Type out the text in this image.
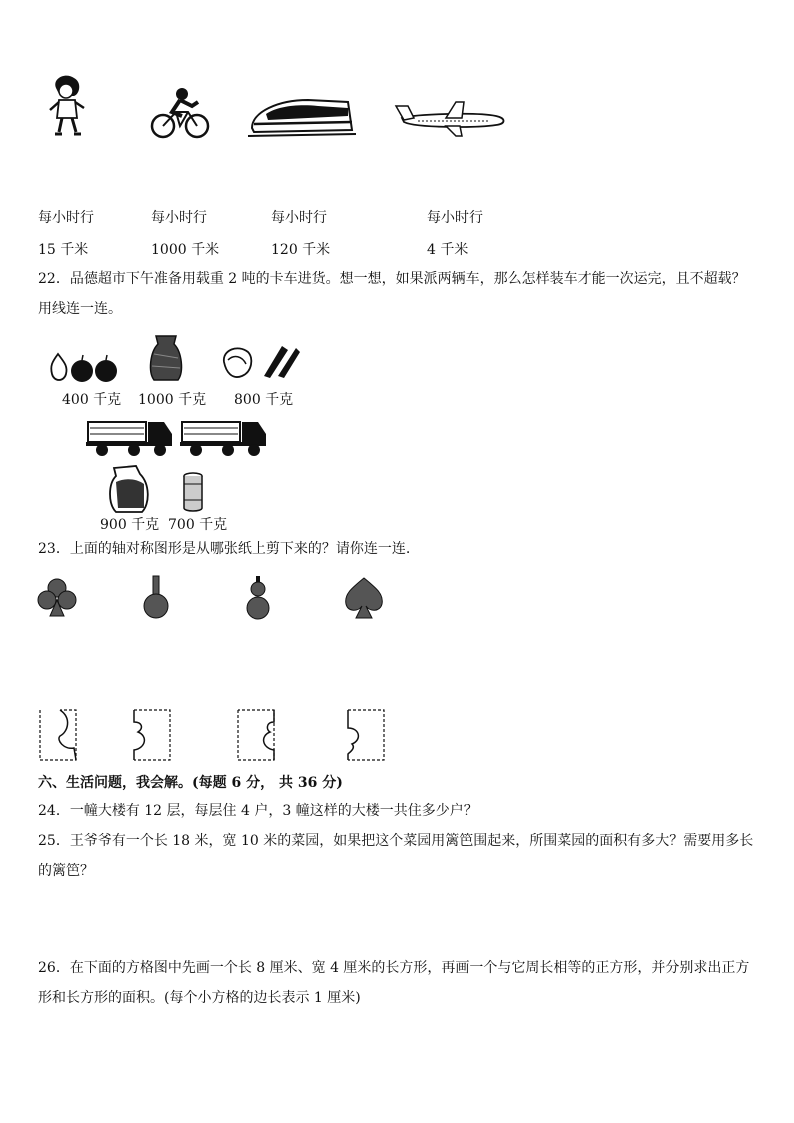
每小时行	每小时行	每小时行	每小时行
15 千米	1000 千米	120 千米	4 千米
22．品德超市下午准备用载重 2 吨的卡车进货。想一想，如果派两辆车，那么怎样装车才能一次运完，且不超载？用线连一连。
400 千克 1000 千克 800 千克
900 千克 700 千克
23．上面的轴对称图形是从哪张纸上剪下来的？请你连一连.
六、生活问题，我会解。(每题 6 分， 共 36 分)
24．一幢大楼有 12 层，每层住 4 户，3 幢这样的大楼一共住多少户？
25．王爷爷有一个长 18 米，宽 10 米的菜园，如果把这个菜园用篱笆围起来，所围菜园的面积有多大？需要用多长的篱笆？
26．在下面的方格图中先画一个长 8 厘米、宽 4 厘米的长方形，再画一个与它周长相等的正方形，并分别求出正方形和长方形的面积。(每个小方格的边长表示 1 厘米)
